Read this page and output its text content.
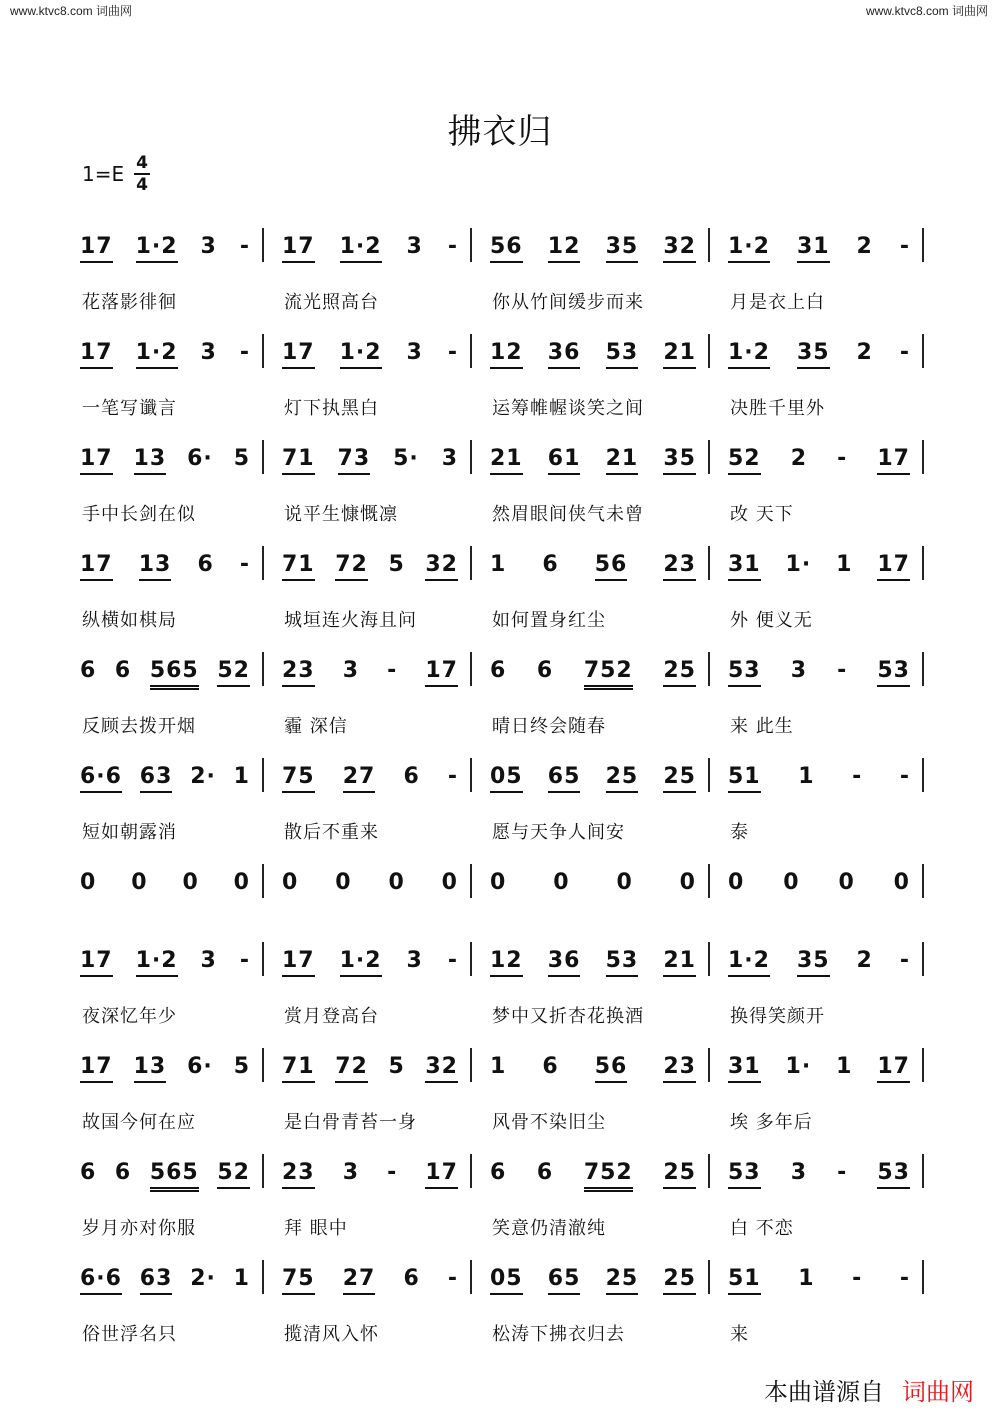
www.ktvc8.com 词曲网	www.ktvc8.com 词曲网
拂衣归
1=E 4
4
17 1·2 3 - 17 1·2 3 - 56 12 35 32 1·2 31 2 -
花落影徘徊	流光照高台	你从竹间缓步而来	月是衣上白
17 1·2 3 - 17 1·2 3 - 12 36 53 21 1·2 35 2 -
一笔写谶言	灯下执黑白	运筹帷幄谈笑之间	决胜千里外
17 13 6· 5 71 73 5· 3 21 61 21 35 52 2 - 17
手中长剑在似	说平生慷慨凛	然眉眼间侠气未曾	改 天下
17 13 6 - 71 72 5 32 1 6 56 23 31 1· 1 17
纵横如棋局	城垣连火海且问	如何置身红尘	外 便义无
6 6 565 52 23 3 - 17 6 6 752 25 53 3 - 53
反顾去拨开烟	霾 深信	晴日终会随春	来 此生
6·6 63 2· 1 75 27 6 - 05 65 25 25 51 1 - -
短如朝露消	散后不重来	愿与天争人间安	泰
0 0 0 0 0 0 0 0 0 0 0 0 0 0 0 0
17 1·2 3 - 17 1·2 3 - 12 36 53 21 1·2 35 2 -
夜深忆年少	赏月登高台	梦中又折杏花换酒	换得笑颜开
17 13 6· 5 71 72 5 32 1 6 56 23 31 1· 1 17
故国今何在应	是白骨青苔一身	风骨不染旧尘	埃 多年后
6 6 565 52 23 3 - 17 6 6 752 25 53 3 - 53
岁月亦对你服	拜 眼中	笑意仍清澈纯	白 不恋
6·6 63 2· 1 75 27 6 - 05 65 25 25 51 1 - -
俗世浮名只	揽清风入怀	松涛下拂衣归去	来
本曲谱源自 词曲网
